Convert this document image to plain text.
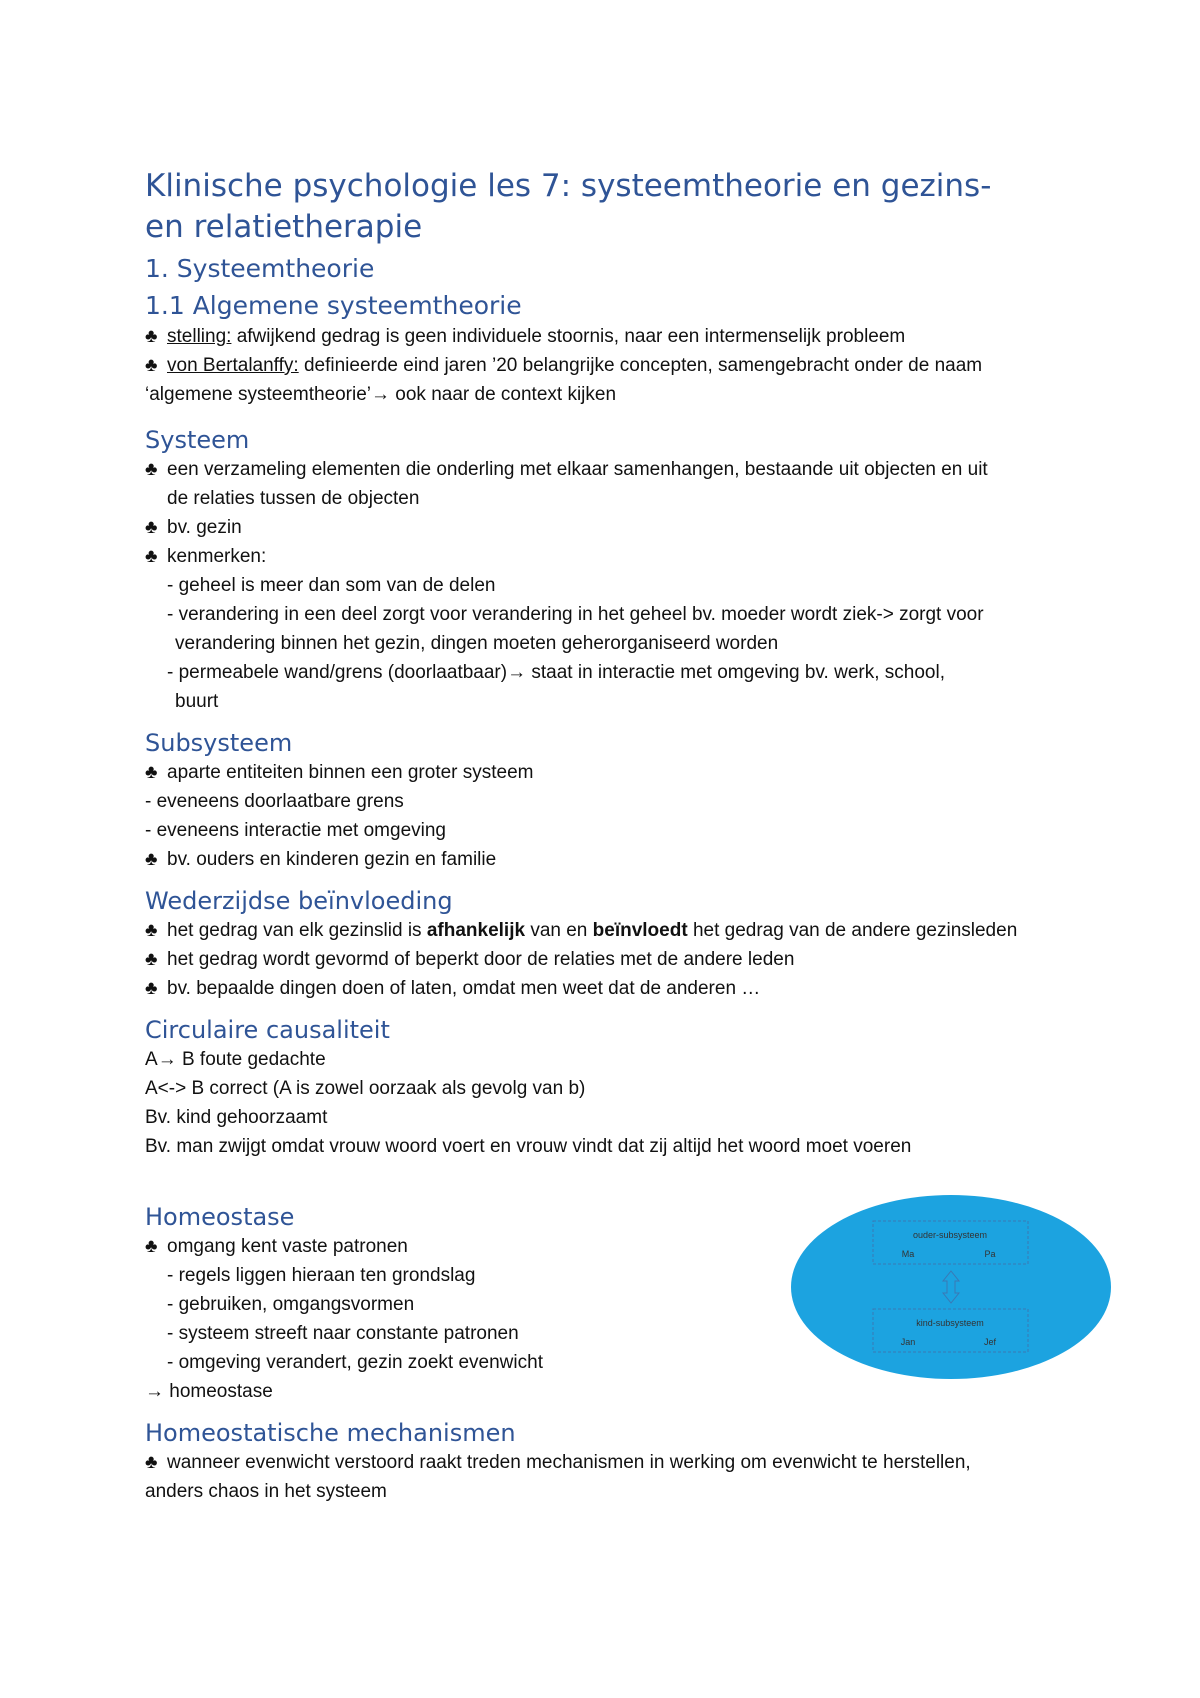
Klinische psychologie les 7: systeemtheorie en gezins-
en relatietherapie
1. Systeemtheorie
1.1 Algemene systeemtheorie
♣ stelling: afwijkend gedrag is geen individuele stoornis, naar een intermenselijk probleem
♣ von Bertalanffy: definieerde eind jaren ’20 belangrijke concepten, samengebracht onder de naam
‘algemene systeemtheorie’→ ook naar de context kijken
Systeem
♣ een verzameling elementen die onderling met elkaar samenhangen, bestaande uit objecten en uit
de relaties tussen de objecten
♣ bv. gezin
♣ kenmerken:
- geheel is meer dan som van de delen
- verandering in een deel zorgt voor verandering in het geheel bv. moeder wordt ziek-> zorgt voor
verandering binnen het gezin, dingen moeten geherorganiseerd worden
- permeabele wand/grens (doorlaatbaar)→ staat in interactie met omgeving bv. werk, school,
buurt
Subsysteem
♣ aparte entiteiten binnen een groter systeem
- eveneens doorlaatbare grens
- eveneens interactie met omgeving
♣ bv. ouders en kinderen gezin en familie
Wederzijdse beïnvloeding
♣ het gedrag van elk gezinslid is afhankelijk van en beïnvloedt het gedrag van de andere gezinsleden
♣ het gedrag wordt gevormd of beperkt door de relaties met de andere leden
♣ bv. bepaalde dingen doen of laten, omdat men weet dat de anderen …
Circulaire causaliteit
A→ B foute gedachte
A<-> B correct (A is zowel oorzaak als gevolg van b)
Bv. kind gehoorzaamt
Bv. man zwijgt omdat vrouw woord voert en vrouw vindt dat zij altijd het woord moet voeren
Homeostase
♣ omgang kent vaste patronen
- regels liggen hieraan ten grondslag
- gebruiken, omgangsvormen
- systeem streeft naar constante patronen
- omgeving verandert, gezin zoekt evenwicht
→ homeostase
Homeostatische mechanismen
♣ wanneer evenwicht verstoord raakt treden mechanismen in werking om evenwicht te herstellen,
anders chaos in het systeem
ouder-subsysteem
Ma	Pa
kind-subsysteem
Jan	Jef
